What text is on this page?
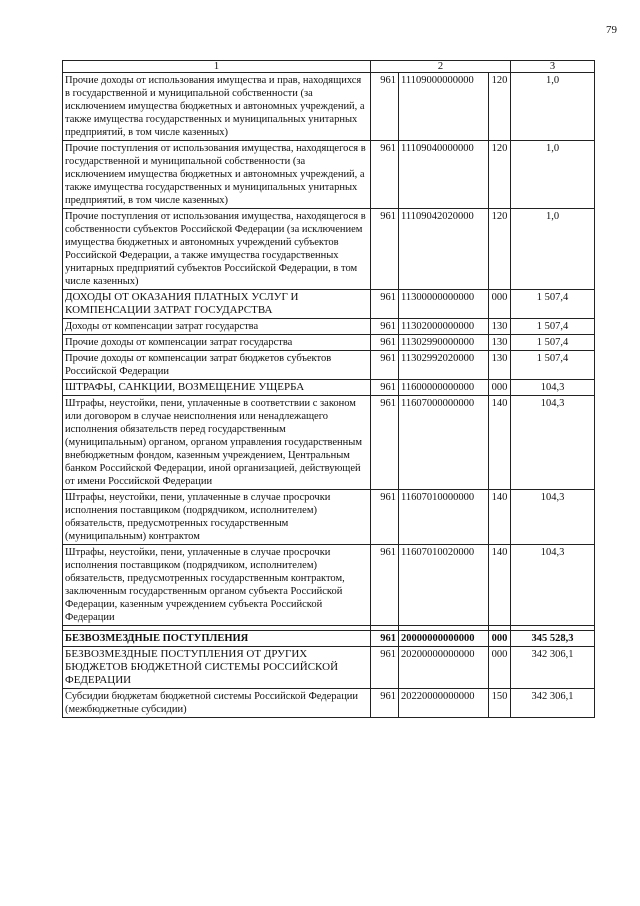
79
1	2			3
Прочие доходы от использования имущества и прав, находящихся в государственной и муниципальной собственности (за исключением имущества бюджетных и автономных учреждений, а также имущества государственных и муниципальных унитарных предприятий, в том числе казенных)	961	11109000000000	120	1,0
Прочие поступления от использования имущества, находящегося в государственной и муниципальной собственности (за исключением имущества бюджетных и автономных учреждений, а также имущества государственных и муниципальных унитарных предприятий, в том числе казенных)	961	11109040000000	120	1,0
Прочие поступления от использования имущества, находящегося в собственности субъектов Российской Федерации (за исключением имущества бюджетных и автономных учреждений субъектов Российской Федерации, а также имущества государственных унитарных предприятий субъектов Российской Федерации, в том числе казенных)	961	11109042020000	120	1,0
ДОХОДЫ ОТ ОКАЗАНИЯ ПЛАТНЫХ УСЛУГ И КОМПЕНСАЦИИ ЗАТРАТ ГОСУДАРСТВА	961	11300000000000	000	1 507,4
Доходы от компенсации затрат государства	961	11302000000000	130	1 507,4
Прочие доходы от компенсации затрат государства	961	11302990000000	130	1 507,4
Прочие доходы от компенсации затрат бюджетов субъектов Российской Федерации	961	11302992020000	130	1 507,4
ШТРАФЫ, САНКЦИИ, ВОЗМЕЩЕНИЕ УЩЕРБА	961	11600000000000	000	104,3
Штрафы, неустойки, пени, уплаченные в соответствии с законом или договором в случае неисполнения или ненадлежащего исполнения обязательств перед государственным (муниципальным) органом, органом управления государственным внебюджетным фондом, казенным учреждением, Центральным банком Российской Федерации, иной организацией, действующей от имени Российской Федерации	961	11607000000000	140	104,3
Штрафы, неустойки, пени, уплаченные в случае просрочки исполнения поставщиком (подрядчиком, исполнителем) обязательств, предусмотренных государственным (муниципальным) контрактом	961	11607010000000	140	104,3
Штрафы, неустойки, пени, уплаченные в случае просрочки исполнения поставщиком (подрядчиком, исполнителем) обязательств, предусмотренных государственным контрактом, заключенным государственным органом субъекта Российской Федерации, казенным учреждением субъекта Российской Федерации	961	11607010020000	140	104,3

БЕЗВОЗМЕЗДНЫЕ ПОСТУПЛЕНИЯ	961	20000000000000	000	345 528,3
БЕЗВОЗМЕЗДНЫЕ ПОСТУПЛЕНИЯ ОТ ДРУГИХ БЮДЖЕТОВ БЮДЖЕТНОЙ СИСТЕМЫ РОССИЙСКОЙ ФЕДЕРАЦИИ	961	20200000000000	000	342 306,1
Субсидии бюджетам бюджетной системы Российской Федерации (межбюджетные субсидии)	961	20220000000000	150	342 306,1
